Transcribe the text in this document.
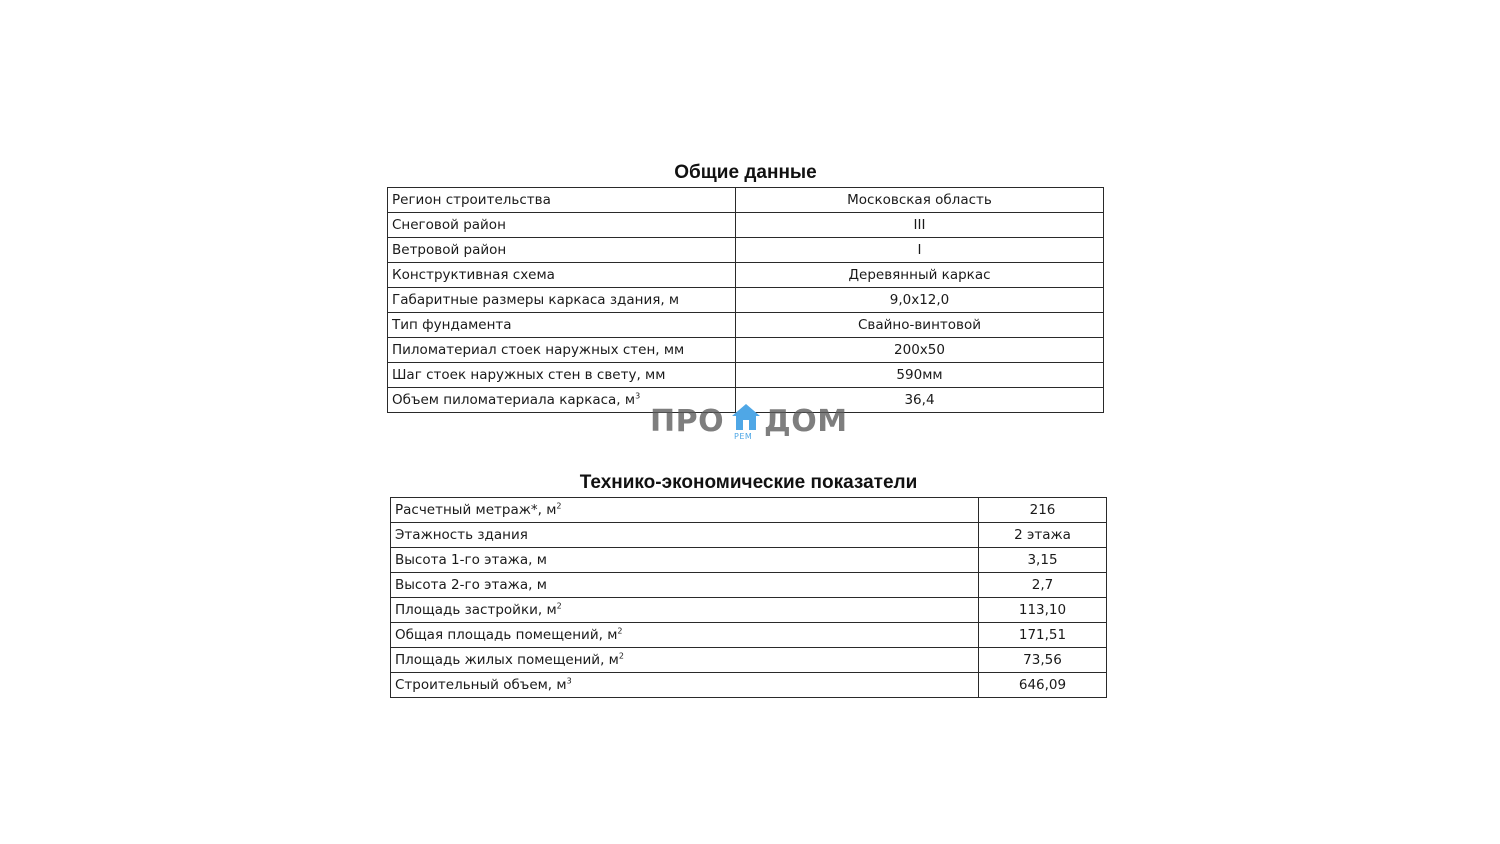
Общие данные
Регион строительства	Московская область
Снеговой район	III
Ветровой район	I
Конструктивная схема	Деревянный каркас
Габаритные размеры каркаса здания, м	9,0х12,0
Тип фундамента	Свайно-винтовой
Пиломатериал стоек наружных стен, мм	200х50
Шаг стоек наружных стен в свету, мм	590мм
Объем пиломатериала каркаса, $м^3$	36,4
Технико-экономические показатели
Расчетный метраж*, $м^2$	216
Этажность здания	2 этажа
Высота 1-го этажа, м	3,15
Высота 2-го этажа, м	2,7
Площадь застройки, $м^2$	113,10
Общая площадь помещений, $м^2$	171,51
Площадь жилых помещений, $м^2$	73,56
Строительный объем, $м^3$	646,09
ПРО РЕМ ДОМ
